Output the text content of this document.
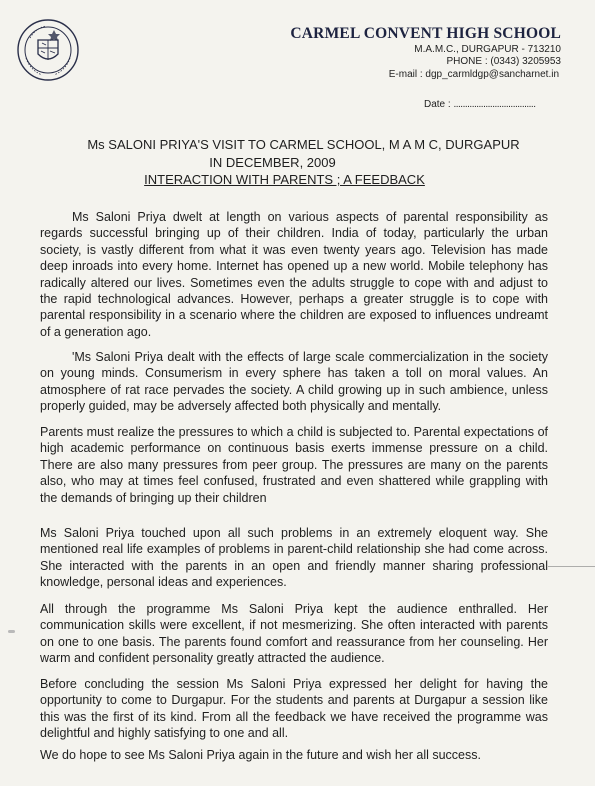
CARMEL CONVENT HIGH SCHOOL
M.A.M.C., DURGAPUR - 713210
PHONE : (0343) 3205953
E-mail : dgp_carmldgp@sancharnet.in
Date : ....................................
Ms SALONI PRIYA'S VISIT TO CARMEL SCHOOL, M A M C, DURGAPUR
IN DECEMBER, 2009
INTERACTION WITH PARENTS ; A FEEDBACK
Ms Saloni Priya dwelt at length on various aspects of parental responsibility as regards successful bringing up of their children. India of today, particularly the urban society, is vastly different from what it was even twenty years ago. Television has made deep inroads into every home. Internet has opened up a new world. Mobile telephony has radically altered our lives. Sometimes even the adults struggle to cope with and adjust to the rapid technological advances. However, perhaps a greater struggle is to cope with parental responsibility in a scenario where the children are exposed to influences undreamt of a generation ago.
'Ms Saloni Priya dealt with the effects of large scale commercialization in the society on young minds. Consumerism in every sphere has taken a toll on moral values. An atmosphere of rat race pervades the society. A child growing up in such ambience, unless properly guided, may be adversely affected both physically and mentally.
Parents must realize the pressures to which a child is subjected to. Parental expectations of high academic performance on continuous basis exerts immense pressure on a child. There are also many pressures from peer group. The pressures are many on the parents also, who may at times feel confused, frustrated and even shattered while grappling with the demands of bringing up their children
Ms Saloni Priya touched upon all such problems in an extremely eloquent way. She mentioned real life examples of problems in parent-child relationship she had come across. She interacted with the parents in an open and friendly manner sharing professional knowledge, personal ideas and experiences.
All through the programme Ms Saloni Priya kept the audience enthralled. Her communication skills were excellent, if not mesmerizing. She often interacted with parents on one to one basis. The parents found comfort and reassurance from her counseling. Her warm and confident personality greatly attracted the audience.
Before concluding the session Ms Saloni Priya expressed her delight for having the opportunity to come to Durgapur. For the students and parents at Durgapur a session like this was the first of its kind. From all the feedback we have received the programme was delightful and highly satisfying to one and all.
We do hope to see Ms Saloni Priya again in the future and wish her all success.
